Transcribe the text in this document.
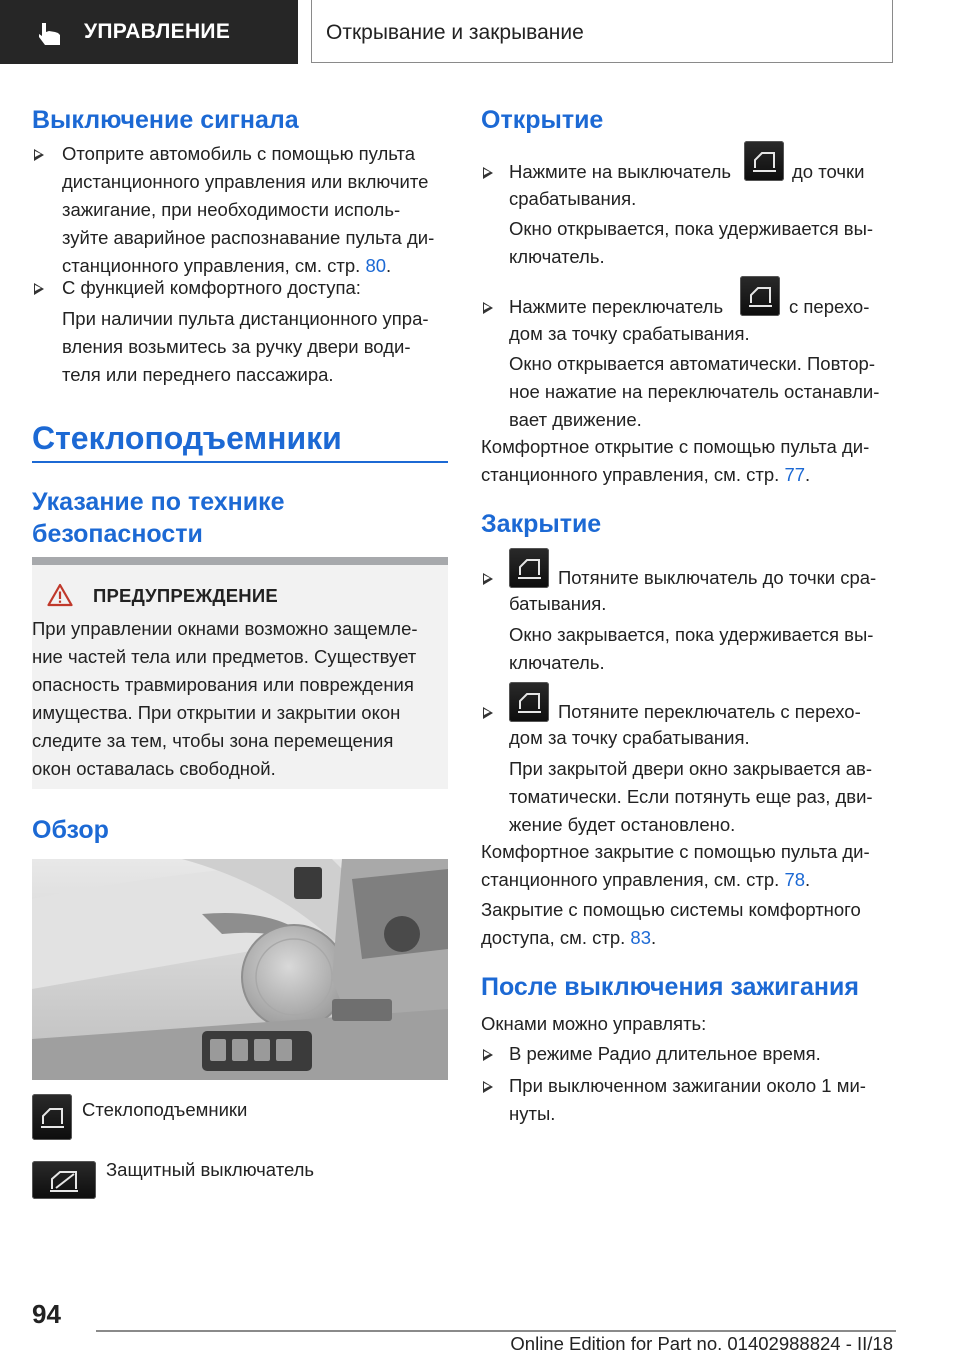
УПРАВЛЕНИЕ	Открывание и закрывание
Выключение сигнала

Отоприте автомобиль с помощью пульта
дистанционного управления или включите
зажигание, при необходимости исполь-
зуйте аварийное распознавание пульта ди-
станционного управления, см. стр. 80.

С функцией комфортного доступа:

При наличии пульта дистанционного упра-
вления возьмитесь за ручку двери води-
теля или переднего пассажира.

Стеклоподъемники
Указание по технике
безопасности
ПРЕДУПРЕЖДЕНИЕ
При управлении окнами возможно защемле-
ние частей тела или предметов. Существует
опасность травмирования или повреждения
имущества. При открытии и закрытии окон
следите за тем, чтобы зона перемещения
окон оставалась свободной.
Обзор

Стеклоподъемники

Защитный выключатель

Открытие

Нажмите на выключатель	до точки

срабатывания.

Окно открывается, пока удерживается вы-
ключатель.

Нажмите переключатель	с перехо-

дом за точку срабатывания.

Окно открывается автоматически. Повтор-
ное нажатие на переключатель останавли-
вает движение.

Комфортное открытие с помощью пульта ди-
станционного управления, см. стр. 77.

Закрытие

Потяните выключатель до точки сра-

батывания.

Окно закрывается, пока удерживается вы-
ключатель.

Потяните переключатель с перехо-

дом за точку срабатывания.

При закрытой двери окно закрывается ав-
томатически. Если потянуть еще раз, дви-
жение будет остановлено.

Комфортное закрытие с помощью пульта ди-
станционного управления, см. стр. 78.

Закрытие с помощью системы комфортного
доступа, см. стр. 83.

После выключения зажигания

Окнами можно управлять:

В режиме Радио длительное время.

При выключенном зажигании около 1 ми-
нуты.

94
Online Edition for Part no. 01402988824 - II/18
